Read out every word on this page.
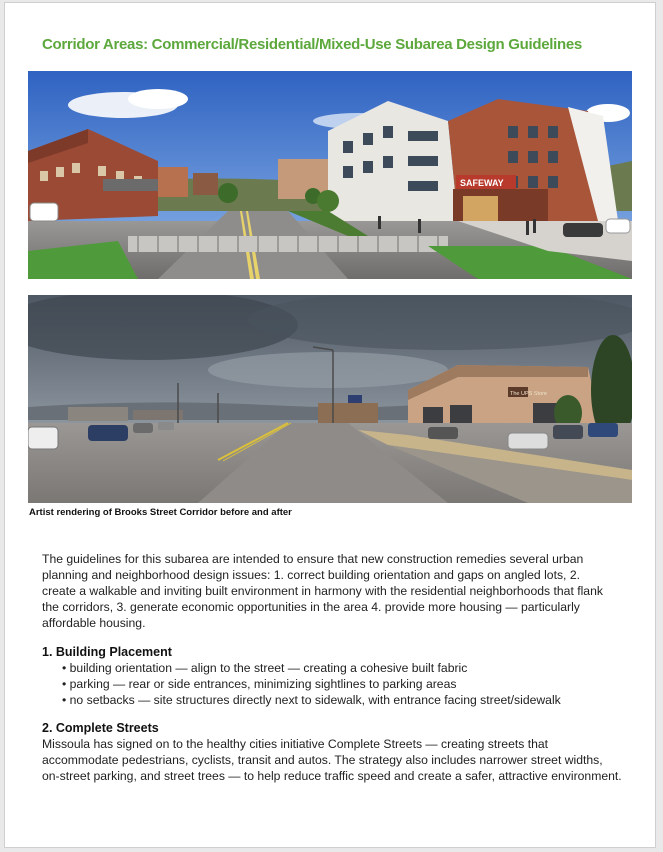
Corridor Areas: Commercial/Residential/Mixed-Use Subarea Design Guidelines
SAFEWAY
The UPS Store

Artist rendering of Brooks Street Corridor before and after

The guidelines for this subarea are intended to ensure that new construction remedies several urban planning and neighborhood design issues: 1. correct building orientation and gaps on angled lots, 2. create a walkable and inviting built environment in harmony with the residential neighborhoods that flank the corridors, 3. generate economic opportunities in the area 4. provide more housing — particularly affordable housing.

1. Building Placement
• building orientation — align to the street — creating a cohesive built fabric
• parking — rear or side entrances, minimizing sightlines to parking areas
• no setbacks — site structures directly next to sidewalk, with entrance facing street/sidewalk
2. Complete Streets

Missoula has signed on to the healthy cities initiative Complete Streets — creating streets that accommodate pedestrians, cyclists, transit and autos. The strategy also includes narrower street widths, on-street parking, and street trees — to help reduce traffic speed and create a safer, attractive environment.
